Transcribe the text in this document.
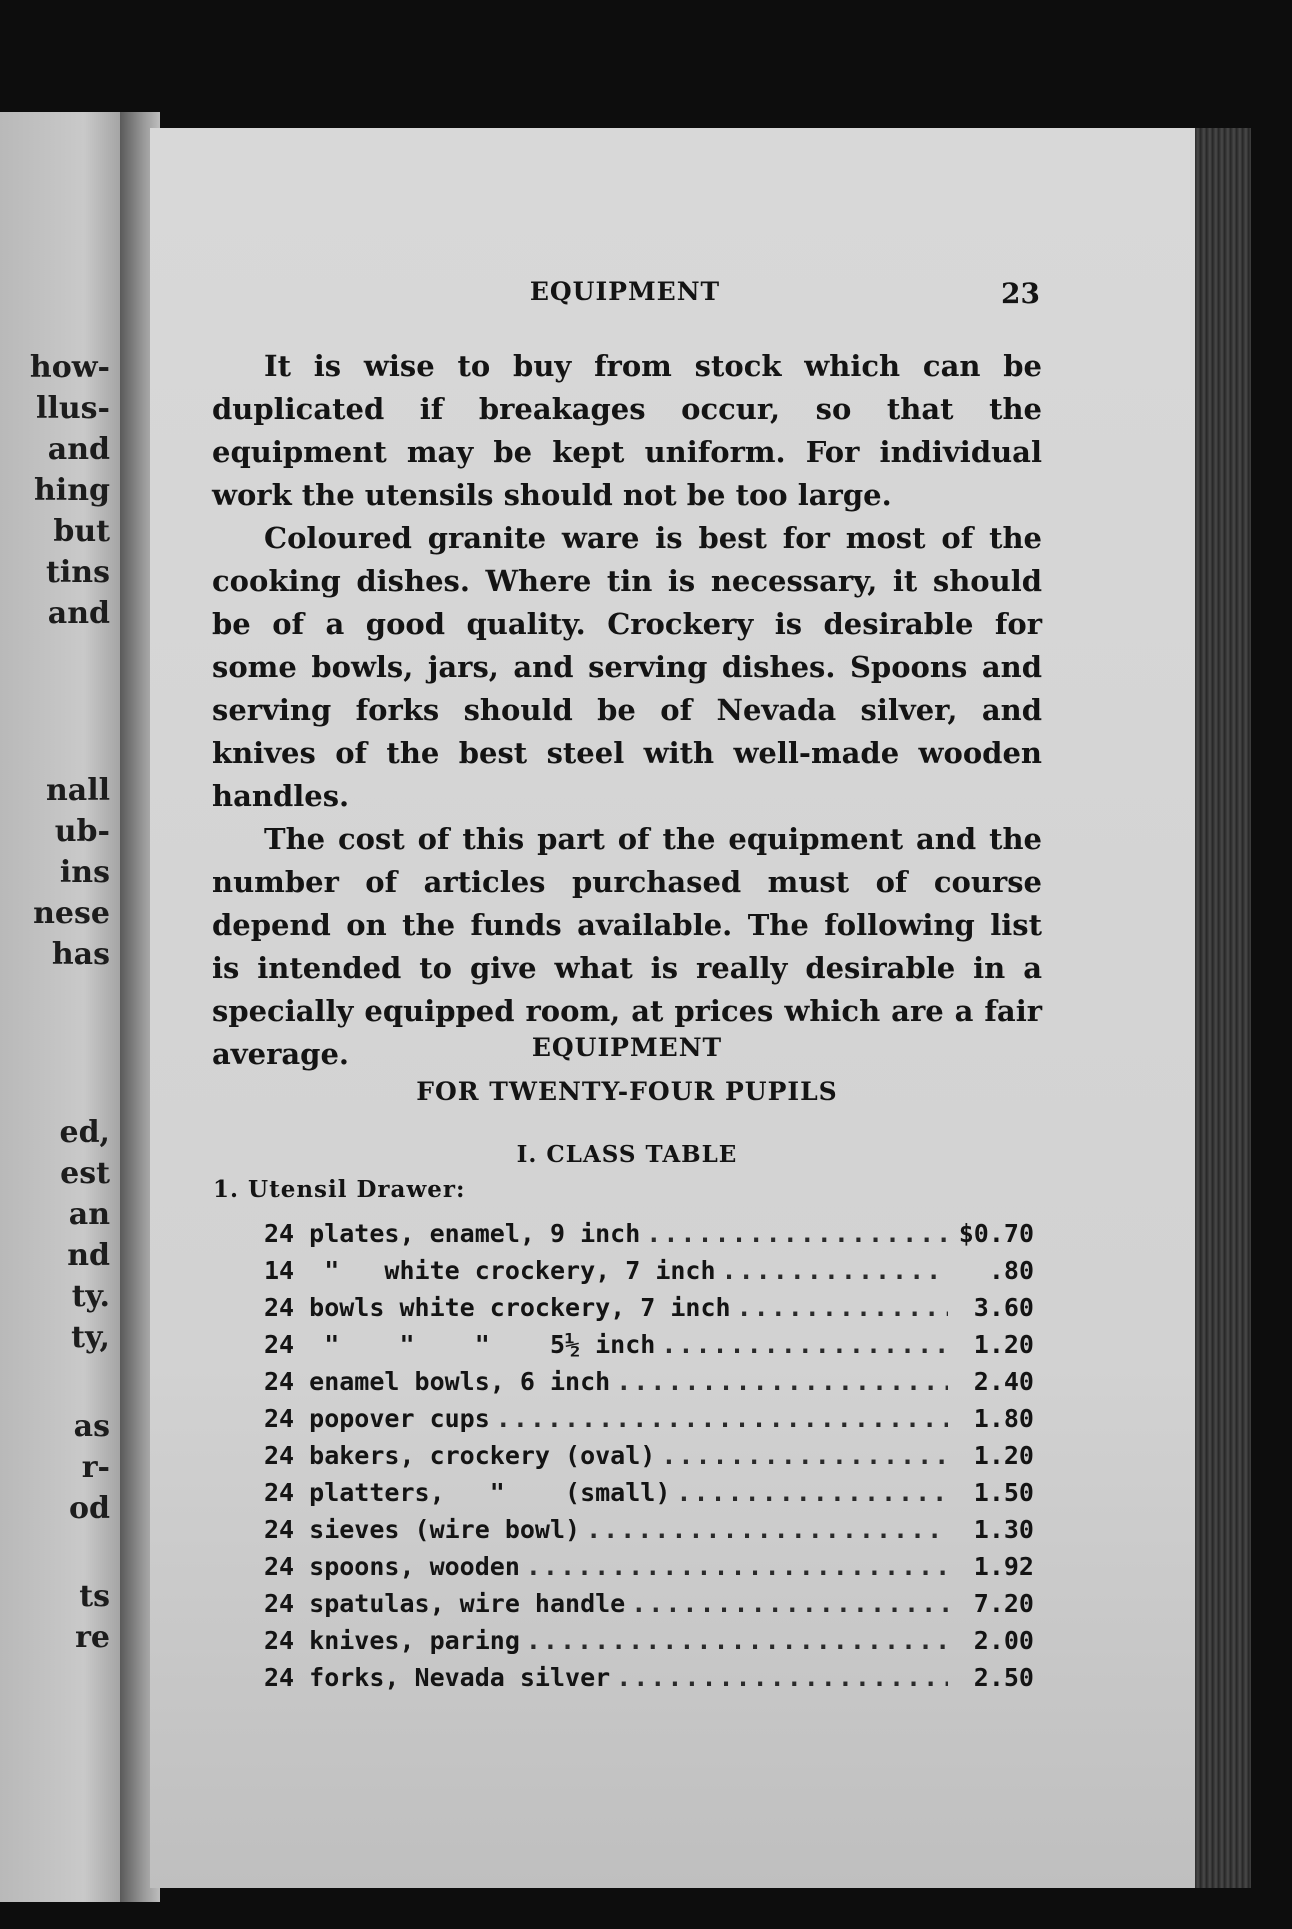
how-
llus-
and
hing
but
tins
and
nall
ub-
ins
nese
has
ed,
est
an
nd
ty.
ty,
as
r-
od
ts
re
EQUIPMENT	23

It is wise to buy from stock which can be duplicated if breakages occur, so that the equipment may be kept uniform. For individual work the utensils should not be too large.

Coloured granite ware is best for most of the cooking dishes. Where tin is necessary, it should be of a good quality. Crockery is desirable for some bowls, jars, and serving dishes. Spoons and serving forks should be of Nevada silver, and knives of the best steel with well-made wooden handles.

The cost of this part of the equipment and the number of articles purchased must of course depend on the funds available. The following list is intended to give what is really desirable in a specially equipped room, at prices which are a fair average.	EQUIPMENT
FOR TWENTY-FOUR PUPILS
I. CLASS TABLE
1. Utensil Drawer:
24 plates, enamel, 9 inch .....	$0.70
14  "   white crockery, 7 inch .....	.80
24 bowls white crockery, 7 inch .....	3.60
24  "    "    "    5½ inch .....	1.20
24 enamel bowls, 6 inch .....	2.40
24 popover cups .....	1.80
24 bakers, crockery (oval) .....	1.20
24 platters,   "    (small) .....	1.50
24 sieves (wire bowl) .....	1.30
24 spoons, wooden .....	1.92
24 spatulas, wire handle .....	7.20
24 knives, paring .....	2.00
24 forks, Nevada silver .....	2.50
